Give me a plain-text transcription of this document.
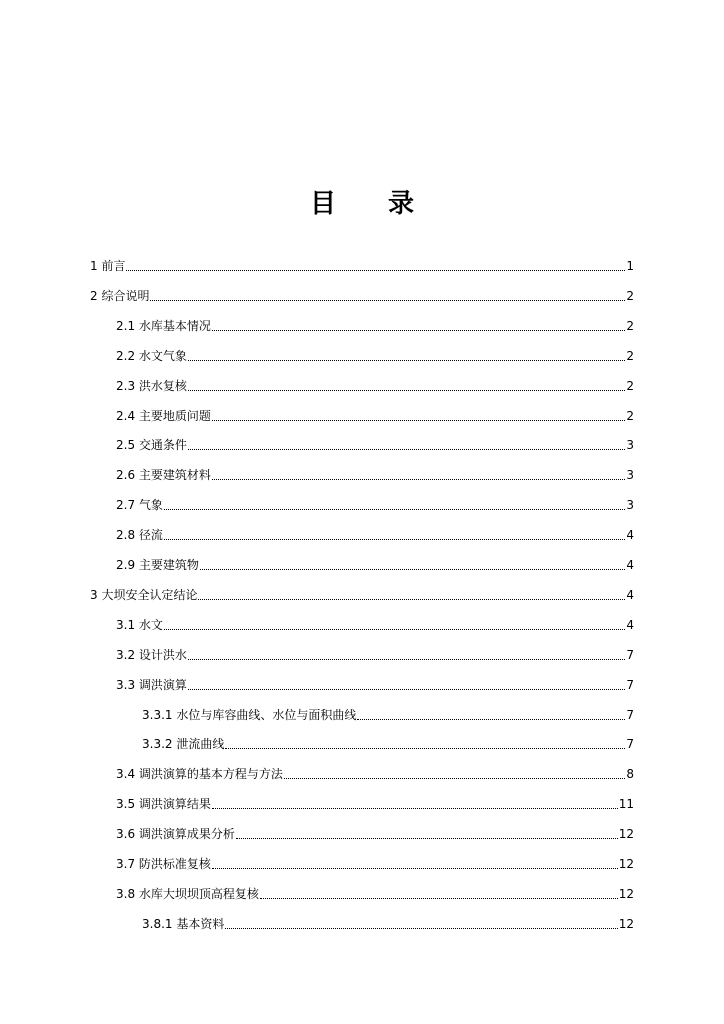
目 录
1 前言	1
2 综合说明	2
2.1 水库基本情况	2
2.2 水文气象	2
2.3 洪水复核	2
2.4 主要地质问题	2
2.5 交通条件	3
2.6 主要建筑材料	3
2.7 气象	3
2.8 径流	4
2.9 主要建筑物	4
3 大坝安全认定结论	4
3.1 水文	4
3.2 设计洪水	7
3.3 调洪演算	7
3.3.1 水位与库容曲线、水位与面积曲线	7
3.3.2 泄流曲线	7
3.4 调洪演算的基本方程与方法	8
3.5 调洪演算结果	11
3.6 调洪演算成果分析	12
3.7 防洪标准复核	12
3.8 水库大坝坝顶高程复核	12
3.8.1 基本资料	12
